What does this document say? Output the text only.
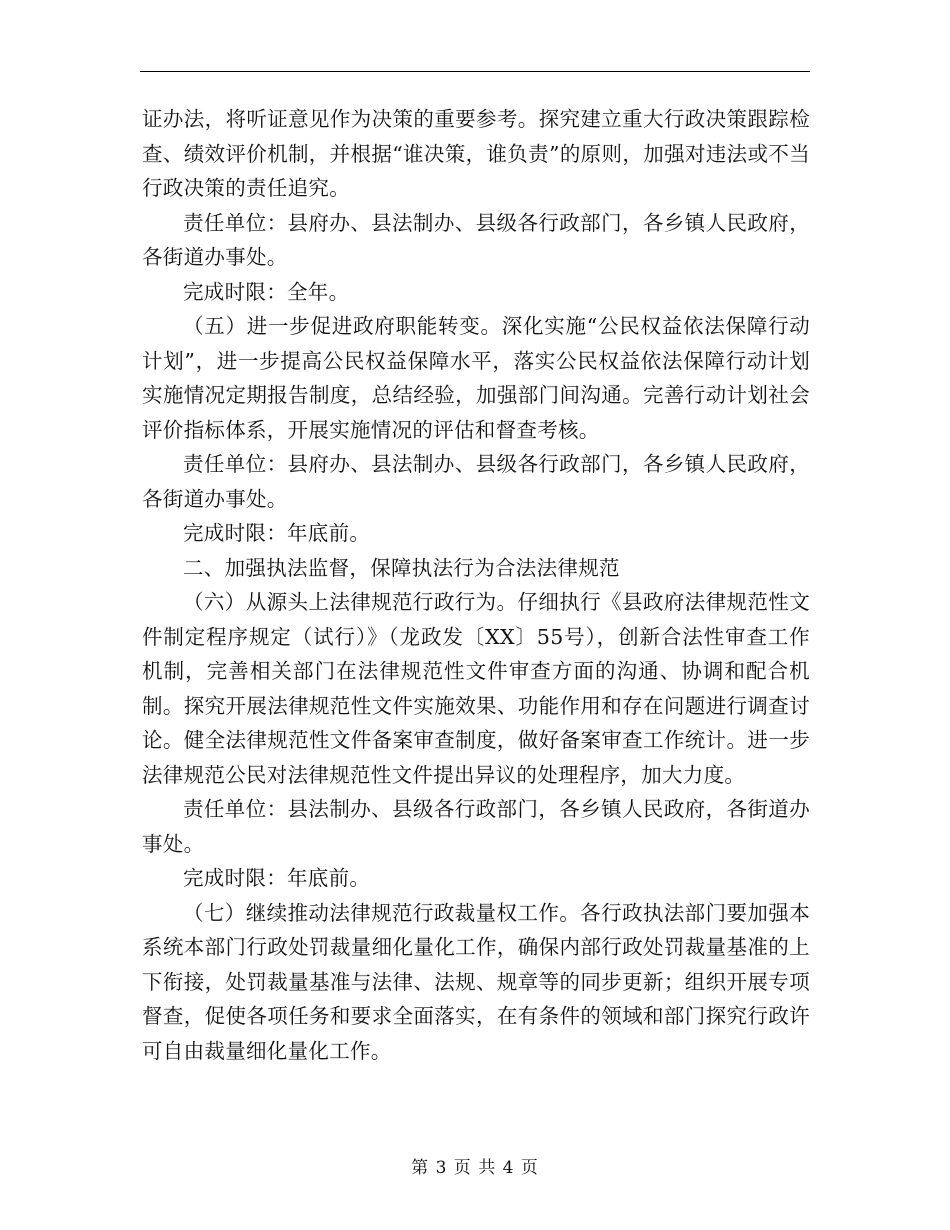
证办法，将听证意见作为决策的重要参考。探究建立重大行政决策跟踪检查、绩效评价机制，并根据“谁决策，谁负责”的原则，加强对违法或不当行政决策的责任追究。

责任单位：县府办、县法制办、县级各行政部门，各乡镇人民政府，各街道办事处。

完成时限：全年。

（五）进一步促进政府职能转变。深化实施“公民权益依法保障行动计划”，进一步提高公民权益保障水平，落实公民权益依法保障行动计划实施情况定期报告制度，总结经验，加强部门间沟通。完善行动计划社会评价指标体系，开展实施情况的评估和督查考核。

责任单位：县府办、县法制办、县级各行政部门，各乡镇人民政府，各街道办事处。

完成时限：年底前。

二、加强执法监督，保障执法行为合法法律规范

（六）从源头上法律规范行政行为。仔细执行《县政府法律规范性文件制定程序规定（试行）》（龙政发〔XX〕55号），创新合法性审查工作机制，完善相关部门在法律规范性文件审查方面的沟通、协调和配合机制。探究开展法律规范性文件实施效果、功能作用和存在问题进行调查讨论。健全法律规范性文件备案审查制度，做好备案审查工作统计。进一步法律规范公民对法律规范性文件提出异议的处理程序，加大力度。

责任单位：县法制办、县级各行政部门，各乡镇人民政府，各街道办事处。

完成时限：年底前。

（七）继续推动法律规范行政裁量权工作。各行政执法部门要加强本系统本部门行政处罚裁量细化量化工作，确保内部行政处罚裁量基准的上下衔接，处罚裁量基准与法律、法规、规章等的同步更新；组织开展专项督查，促使各项任务和要求全面落实，在有条件的领域和部门探究行政许可自由裁量细化量化工作。

第 3 页 共 4 页
